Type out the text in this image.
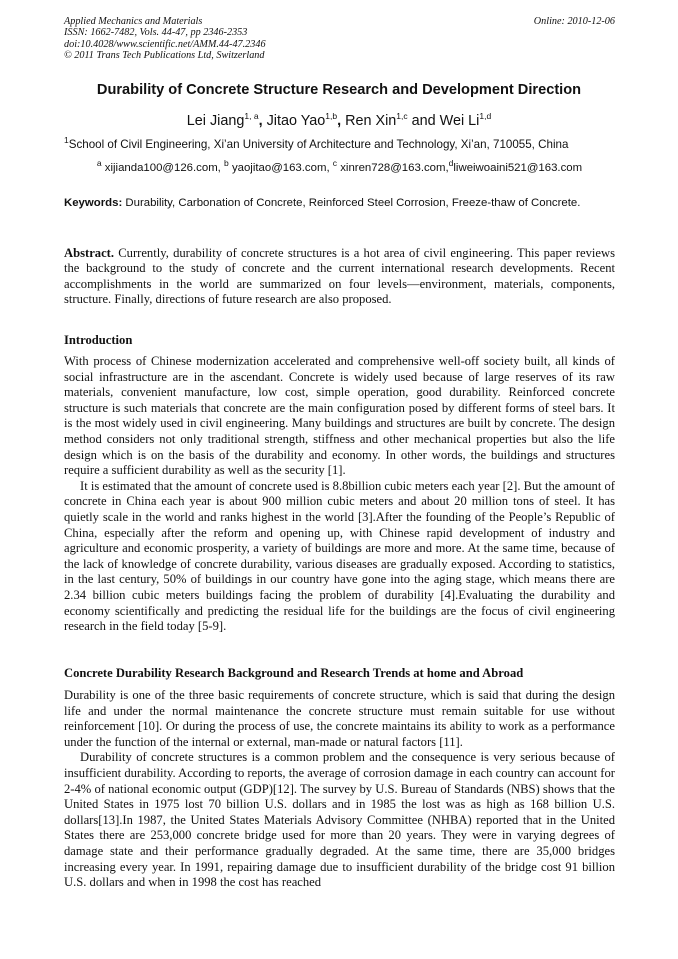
Applied Mechanics and Materials
ISSN: 1662-7482, Vols. 44-47, pp 2346-2353
doi:10.4028/www.scientific.net/AMM.44-47.2346
© 2011 Trans Tech Publications Ltd, Switzerland
Online: 2010-12-06
Durability of Concrete Structure Research and Development Direction
Lei Jiang$^{1, a}$, Jitao Yao$^{1,b}$, Ren Xin$^{1,c}$ and Wei Li$^{1,d}$
$^1$School of Civil Engineering, Xi’an University of Architecture and Technology, Xi’an, 710055, China
$^a$ xijianda100@126.com, $^b$ yaojitao@163.com, $^c$ xinren728@163.com,$^d$liweiwoaini521@163.com
Keywords: Durability, Carbonation of Concrete, Reinforced Steel Corrosion, Freeze-thaw of Concrete.
Abstract. Currently, durability of concrete structures is a hot area of civil engineering. This paper reviews the background to the study of concrete and the current international research developments. Recent accomplishments in the world are summarized on four levels—environment, materials, components, structure. Finally, directions of future research are also proposed.
Introduction

With process of Chinese modernization accelerated and comprehensive well-off society built, all kinds of social infrastructure are in the ascendant. Concrete is widely used because of large reserves of its raw materials, convenient manufacture, low cost, simple operation, good durability. Reinforced concrete structure is such materials that concrete are the main configuration posed by different forms of steel bars. It is the most widely used in civil engineering. Many buildings and structures are built by concrete. The design method considers not only traditional strength, stiffness and other mechanical properties but also the life design which is on the basis of the durability and economy. In other words, the buildings and structures require a sufficient durability as well as the security [1].

It is estimated that the amount of concrete used is 8.8billion cubic meters each year [2]. But the amount of concrete in China each year is about 900 million cubic meters and about 20 million tons of steel. It has quietly scale in the world and ranks highest in the world [3].After the founding of the People’s Republic of China, especially after the reform and opening up, with Chinese rapid development of industry and agriculture and economic prosperity, a variety of buildings are more and more. At the same time, because of the lack of knowledge of concrete durability, various diseases are gradually exposed. According to statistics, in the last century, 50% of buildings in our country have gone into the aging stage, which means there are 2.34 billion cubic meters buildings facing the problem of durability [4].Evaluating the durability and economy scientifically and predicting the residual life for the buildings are the focus of civil engineering research in the field today [5-9].

Concrete Durability Research Background and Research Trends at home and Abroad

Durability is one of the three basic requirements of concrete structure, which is said that during the design life and under the normal maintenance the concrete structure must remain suitable for use without reinforcement [10]. Or during the process of use, the concrete maintains its ability to work as a performance under the function of the internal or external, man-made or natural factors [11].

Durability of concrete structures is a common problem and the consequence is very serious because of insufficient durability. According to reports, the average of corrosion damage in each country can account for 2-4% of national economic output (GDP)[12]. The survey by U.S. Bureau of Standards (NBS) shows that the United States in 1975 lost 70 billion U.S. dollars and in 1985 the lost was as high as 168 billion U.S. dollars[13].In 1987, the United States Materials Advisory Committee (NHBA) reported that in the United States there are 253,000 concrete bridge used for more than 20 years. They were in varying degrees of damage state and their performance gradually degraded. At the same time, there are 35,000 bridges increasing every year. In 1991, repairing damage due to insufficient durability of the bridge cost 91 billion U.S. dollars and when in 1998 the cost has reached
